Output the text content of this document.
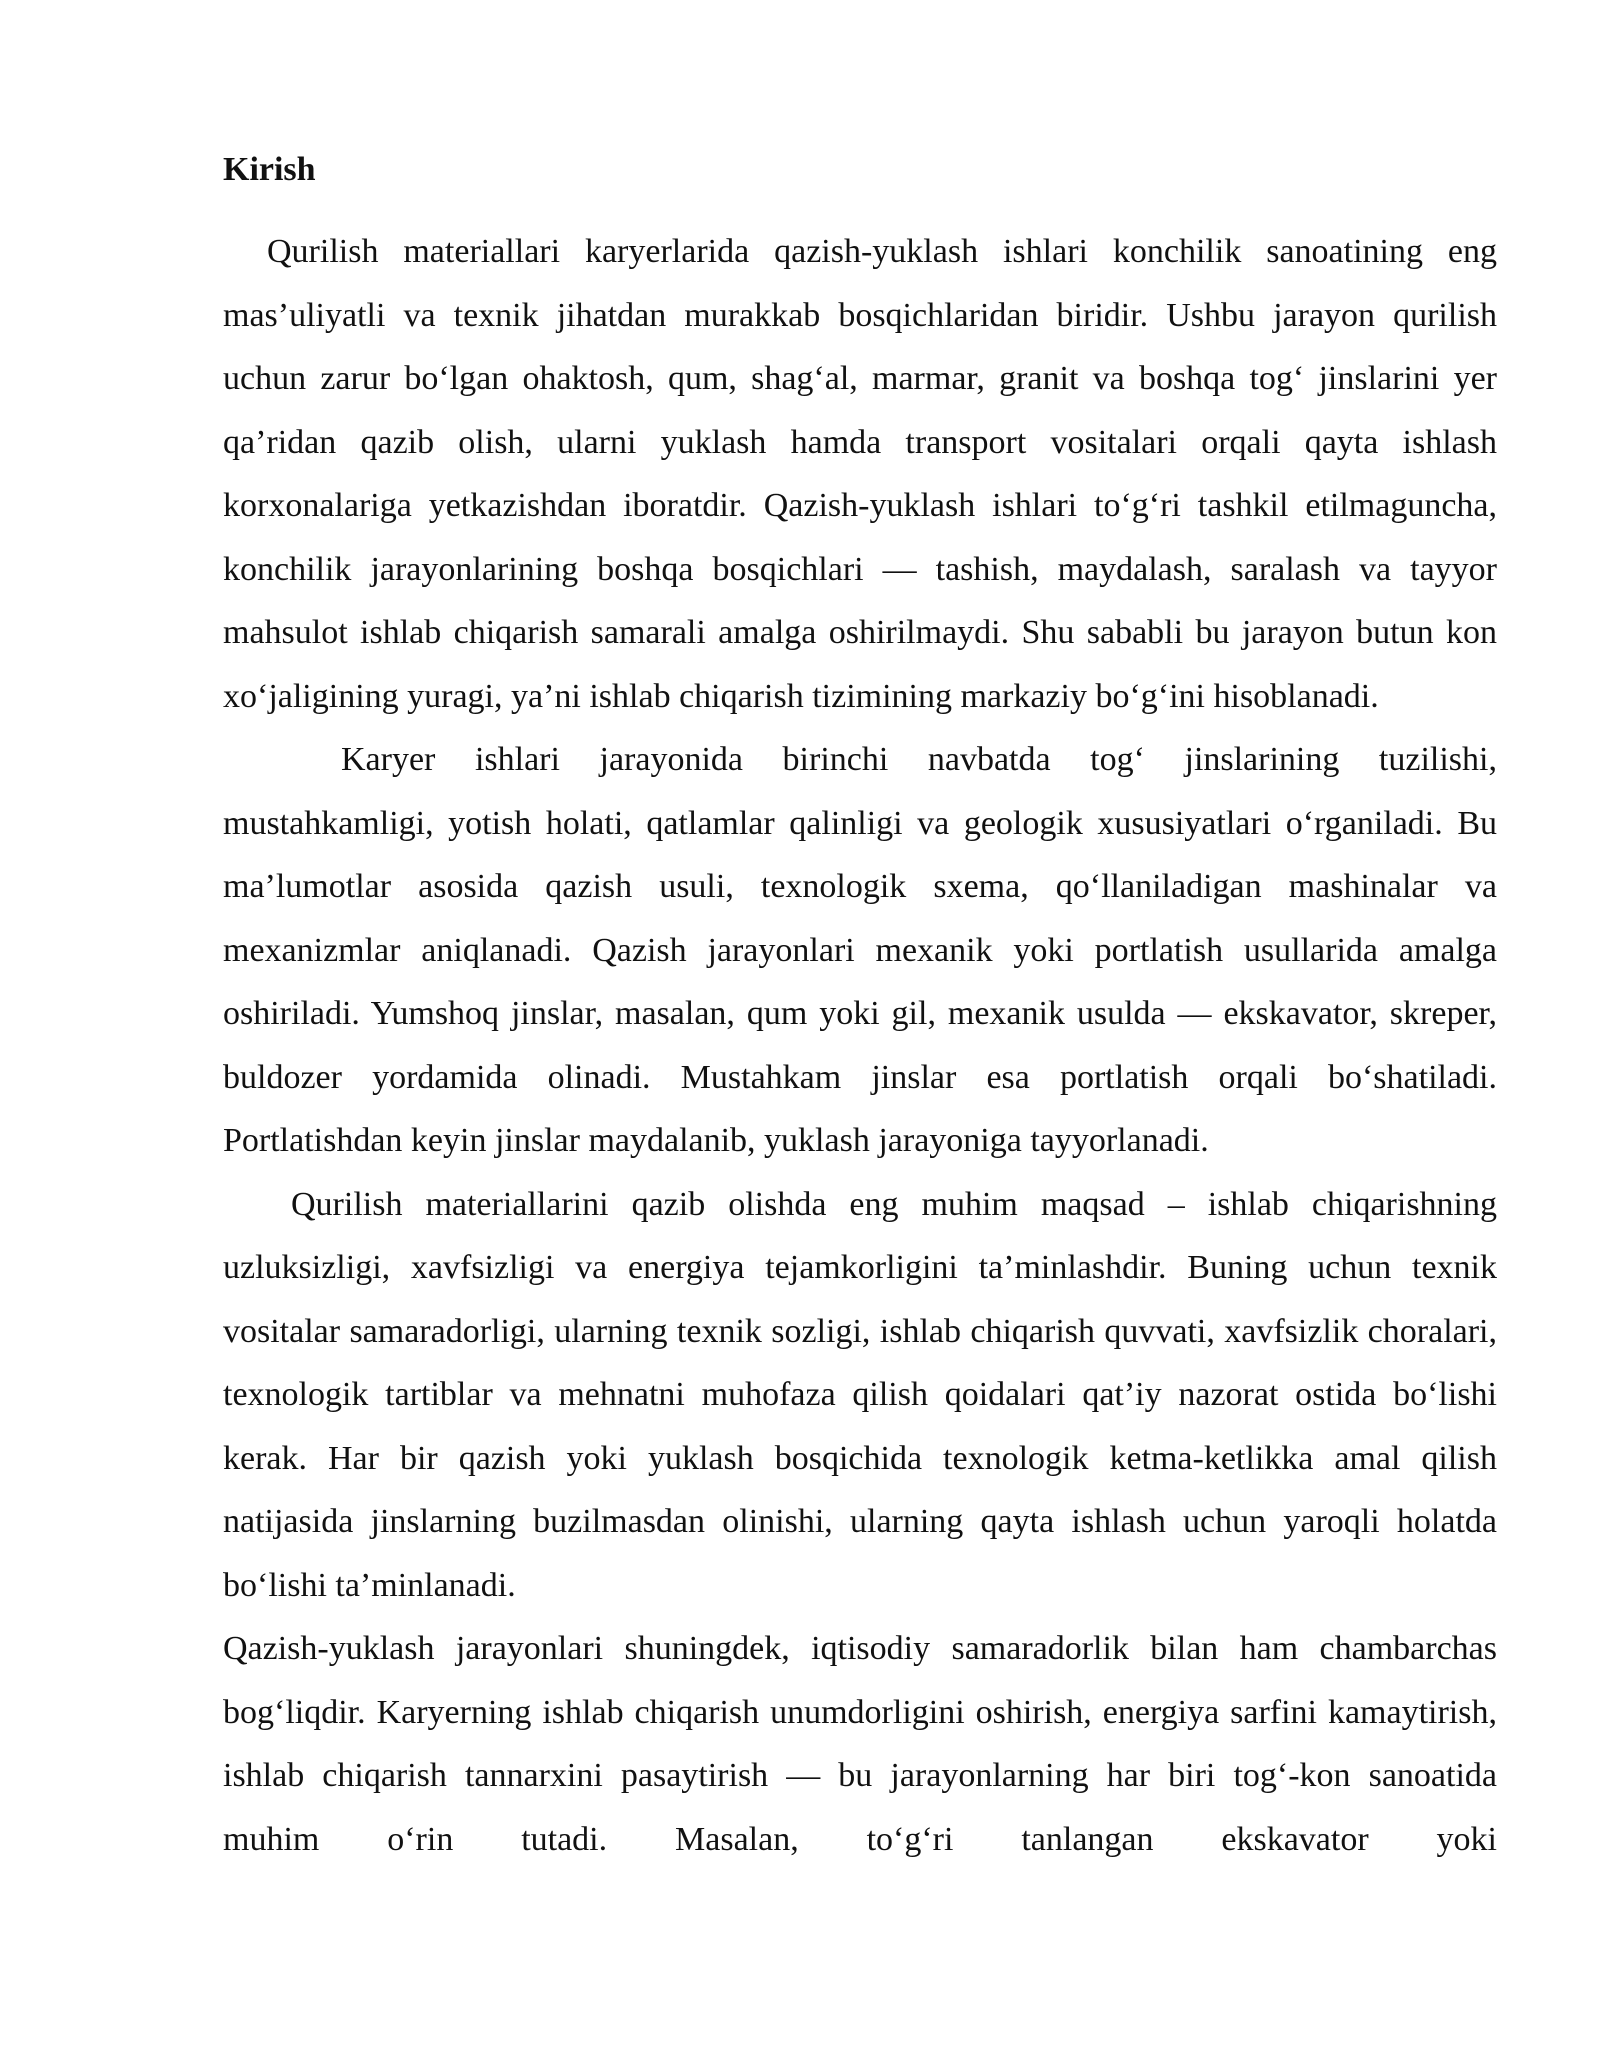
Kirish

Qurilish materiallari karyerlarida qazish-yuklash ishlari konchilik sanoatining eng mas’uliyatli va texnik jihatdan murakkab bosqichlaridan biridir. Ushbu jarayon qurilish uchun zarur bo‘lgan ohaktosh, qum, shag‘al, marmar, granit va boshqa tog‘ jinslarini yer qa’ridan qazib olish, ularni yuklash hamda transport vositalari orqali qayta ishlash korxonalariga yetkazishdan iboratdir. Qazish-yuklash ishlari to‘g‘ri tashkil etilmaguncha, konchilik jarayonlarining boshqa bosqichlari — tashish, maydalash, saralash va tayyor mahsulot ishlab chiqarish samarali amalga oshirilmaydi. Shu sababli bu jarayon butun kon xo‘jaligining yuragi, ya’ni ishlab chiqarish tizimining markaziy bo‘g‘ini hisoblanadi.

Karyer ishlari jarayonida birinchi navbatda tog‘ jinslarining tuzilishi, mustahkamligi, yotish holati, qatlamlar qalinligi va geologik xususiyatlari o‘rganiladi. Bu ma’lumotlar asosida qazish usuli, texnologik sxema, qo‘llaniladigan mashinalar va mexanizmlar aniqlanadi. Qazish jarayonlari mexanik yoki portlatish usullarida amalga oshiriladi. Yumshoq jinslar, masalan, qum yoki gil, mexanik usulda — ekskavator, skreper, buldozer yordamida olinadi. Mustahkam jinslar esa portlatish orqali bo‘shatiladi. Portlatishdan keyin jinslar maydalanib, yuklash jarayoniga tayyorlanadi.

Qurilish materiallarini qazib olishda eng muhim maqsad – ishlab chiqarishning uzluksizligi, xavfsizligi va energiya tejamkorligini ta’minlashdir. Buning uchun texnik vositalar samaradorligi, ularning texnik sozligi, ishlab chiqarish quvvati, xavfsizlik choralari, texnologik tartiblar va mehnatni muhofaza qilish qoidalari qat’iy nazorat ostida bo‘lishi kerak. Har bir qazish yoki yuklash bosqichida texnologik ketma-ketlikka amal qilish natijasida jinslarning buzilmasdan olinishi, ularning qayta ishlash uchun yaroqli holatda bo‘lishi ta’minlanadi.

Qazish-yuklash jarayonlari shuningdek, iqtisodiy samaradorlik bilan ham chambarchas bog‘liqdir. Karyerning ishlab chiqarish unumdorligini oshirish, energiya sarfini kamaytirish, ishlab chiqarish tannarxini pasaytirish — bu jarayonlarning har biri tog‘-kon sanoatida muhim o‘rin tutadi. Masalan, to‘g‘ri tanlangan ekskavator yoki
